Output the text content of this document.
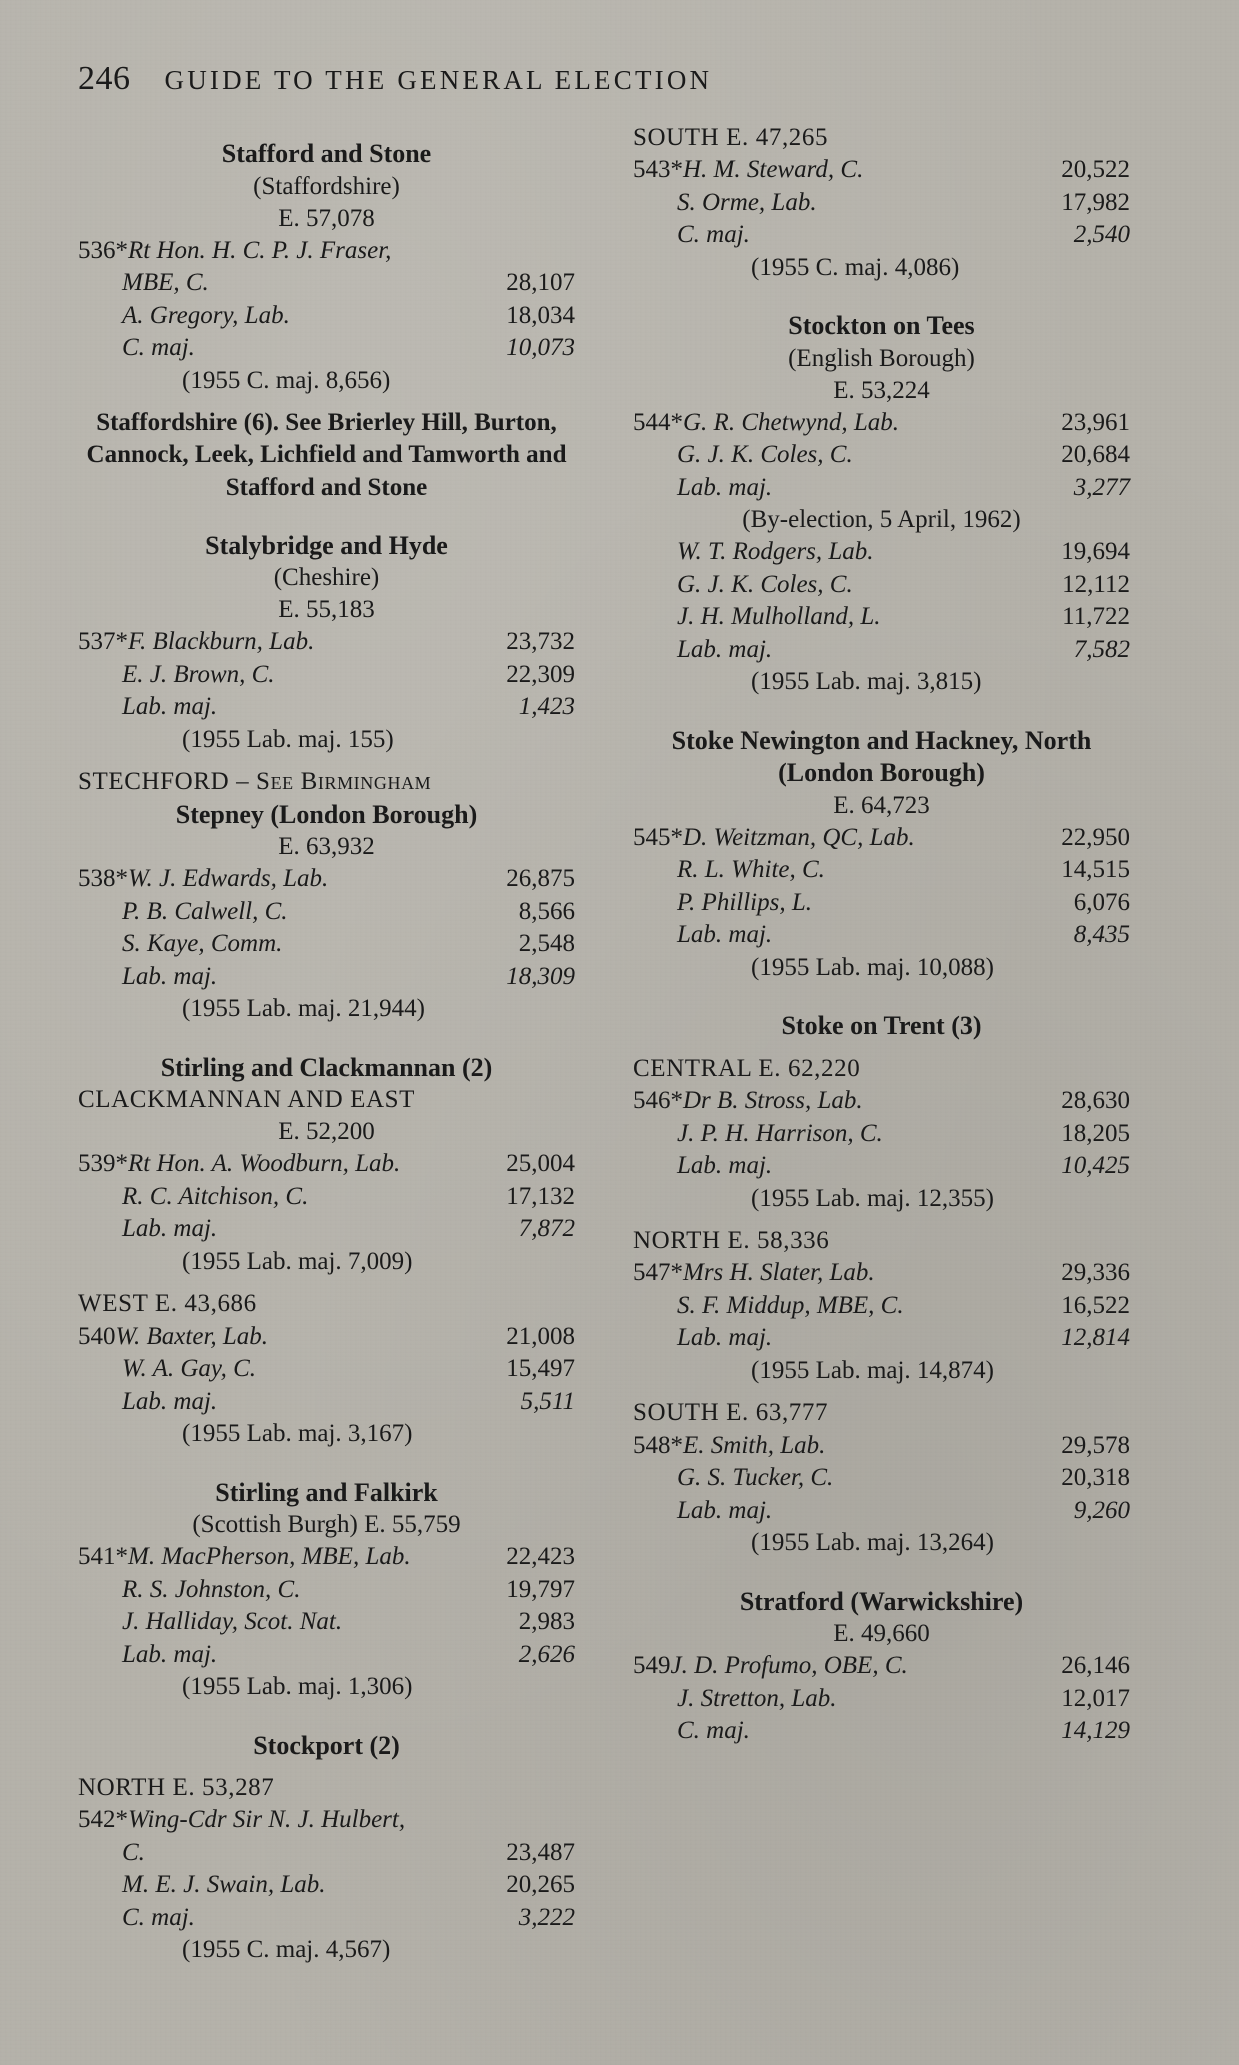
246 GUIDE TO THE GENERAL ELECTION
Stafford and Stone
(Staffordshire)
E. 57,078
536*Rt Hon. H. C. P. J. Fraser,
MBE, C.	28,107
A. Gregory, Lab.	18,034
C. maj.	10,073
(1955 C. maj. 8,656)
Staffordshire (6). See Brierley Hill, Burton, Cannock, Leek, Lichfield and Tamworth and Stafford and Stone
Stalybridge and Hyde
(Cheshire)
E. 55,183
537*F. Blackburn, Lab.	23,732
E. J. Brown, C.	22,309
Lab. maj.	1,423
(1955 Lab. maj. 155)
STECHFORD – See Birmingham
Stepney (London Borough)
E. 63,932
538*W. J. Edwards, Lab.	26,875
P. B. Calwell, C.	8,566
S. Kaye, Comm.	2,548
Lab. maj.	18,309
(1955 Lab. maj. 21,944)
Stirling and Clackmannan (2)
CLACKMANNAN AND EAST
E. 52,200
539*Rt Hon. A. Woodburn, Lab.	25,004
R. C. Aitchison, C.	17,132
Lab. maj.	7,872
(1955 Lab. maj. 7,009)
WEST E. 43,686
540W. Baxter, Lab.	21,008
W. A. Gay, C.	15,497
Lab. maj.	5,511
(1955 Lab. maj. 3,167)
Stirling and Falkirk
(Scottish Burgh) E. 55,759
541*M. MacPherson, MBE, Lab.	22,423
R. S. Johnston, C.	19,797
J. Halliday, Scot. Nat.	2,983
Lab. maj.	2,626
(1955 Lab. maj. 1,306)
Stockport (2)
NORTH E. 53,287
542*Wing-Cdr Sir N. J. Hulbert,
C.	23,487
M. E. J. Swain, Lab.	20,265
C. maj.	3,222
(1955 C. maj. 4,567)
SOUTH E. 47,265
543*H. M. Steward, C.	20,522
S. Orme, Lab.	17,982
C. maj.	2,540
(1955 C. maj. 4,086)
Stockton on Tees
(English Borough)
E. 53,224
544*G. R. Chetwynd, Lab.	23,961
G. J. K. Coles, C.	20,684
Lab. maj.	3,277
(By-election, 5 April, 1962)
W. T. Rodgers, Lab.	19,694
G. J. K. Coles, C.	12,112
J. H. Mulholland, L.	11,722
Lab. maj.	7,582
(1955 Lab. maj. 3,815)
Stoke Newington and Hackney, North (London Borough)
E. 64,723
545*D. Weitzman, QC, Lab.	22,950
R. L. White, C.	14,515
P. Phillips, L.	6,076
Lab. maj.	8,435
(1955 Lab. maj. 10,088)
Stoke on Trent (3)
CENTRAL E. 62,220
546*Dr B. Stross, Lab.	28,630
J. P. H. Harrison, C.	18,205
Lab. maj.	10,425
(1955 Lab. maj. 12,355)
NORTH E. 58,336
547*Mrs H. Slater, Lab.	29,336
S. F. Middup, MBE, C.	16,522
Lab. maj.	12,814
(1955 Lab. maj. 14,874)
SOUTH E. 63,777
548*E. Smith, Lab.	29,578
G. S. Tucker, C.	20,318
Lab. maj.	9,260
(1955 Lab. maj. 13,264)
Stratford (Warwickshire)
E. 49,660
549J. D. Profumo, OBE, C.	26,146
J. Stretton, Lab.	12,017
C. maj.	14,129
